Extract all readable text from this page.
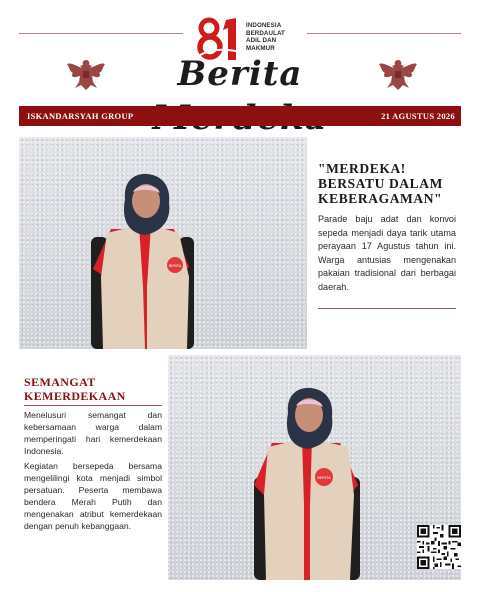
INDONESIA
BERDAULAT
ADIL DAN
MAKMUR
Berita
ISKANDARSYAH GROUP	21 AGUSTUS 2026
BERITA
"MERDEKA! BERSATU DALAM KEBERAGAMAN"
Parade baju adat dan konvoi sepeda menjadi daya tarik utama perayaan 17 Agustus tahun ini. Warga antusias mengenakan pakaian tradisional dari berbagai daerah.
SEMANGAT KEMERDEKAAN
Menelusuri semangat dan kebersamaan warga dalam memperingati hari kemerdekaan Indonesia.
Kegiatan bersepeda bersama mengelilingi kota menjadi simbol persatuan. Peserta membawa bendera Merah Putih dan mengenakan atribut kemerdekaan dengan penuh kebanggaan.
BERITA
